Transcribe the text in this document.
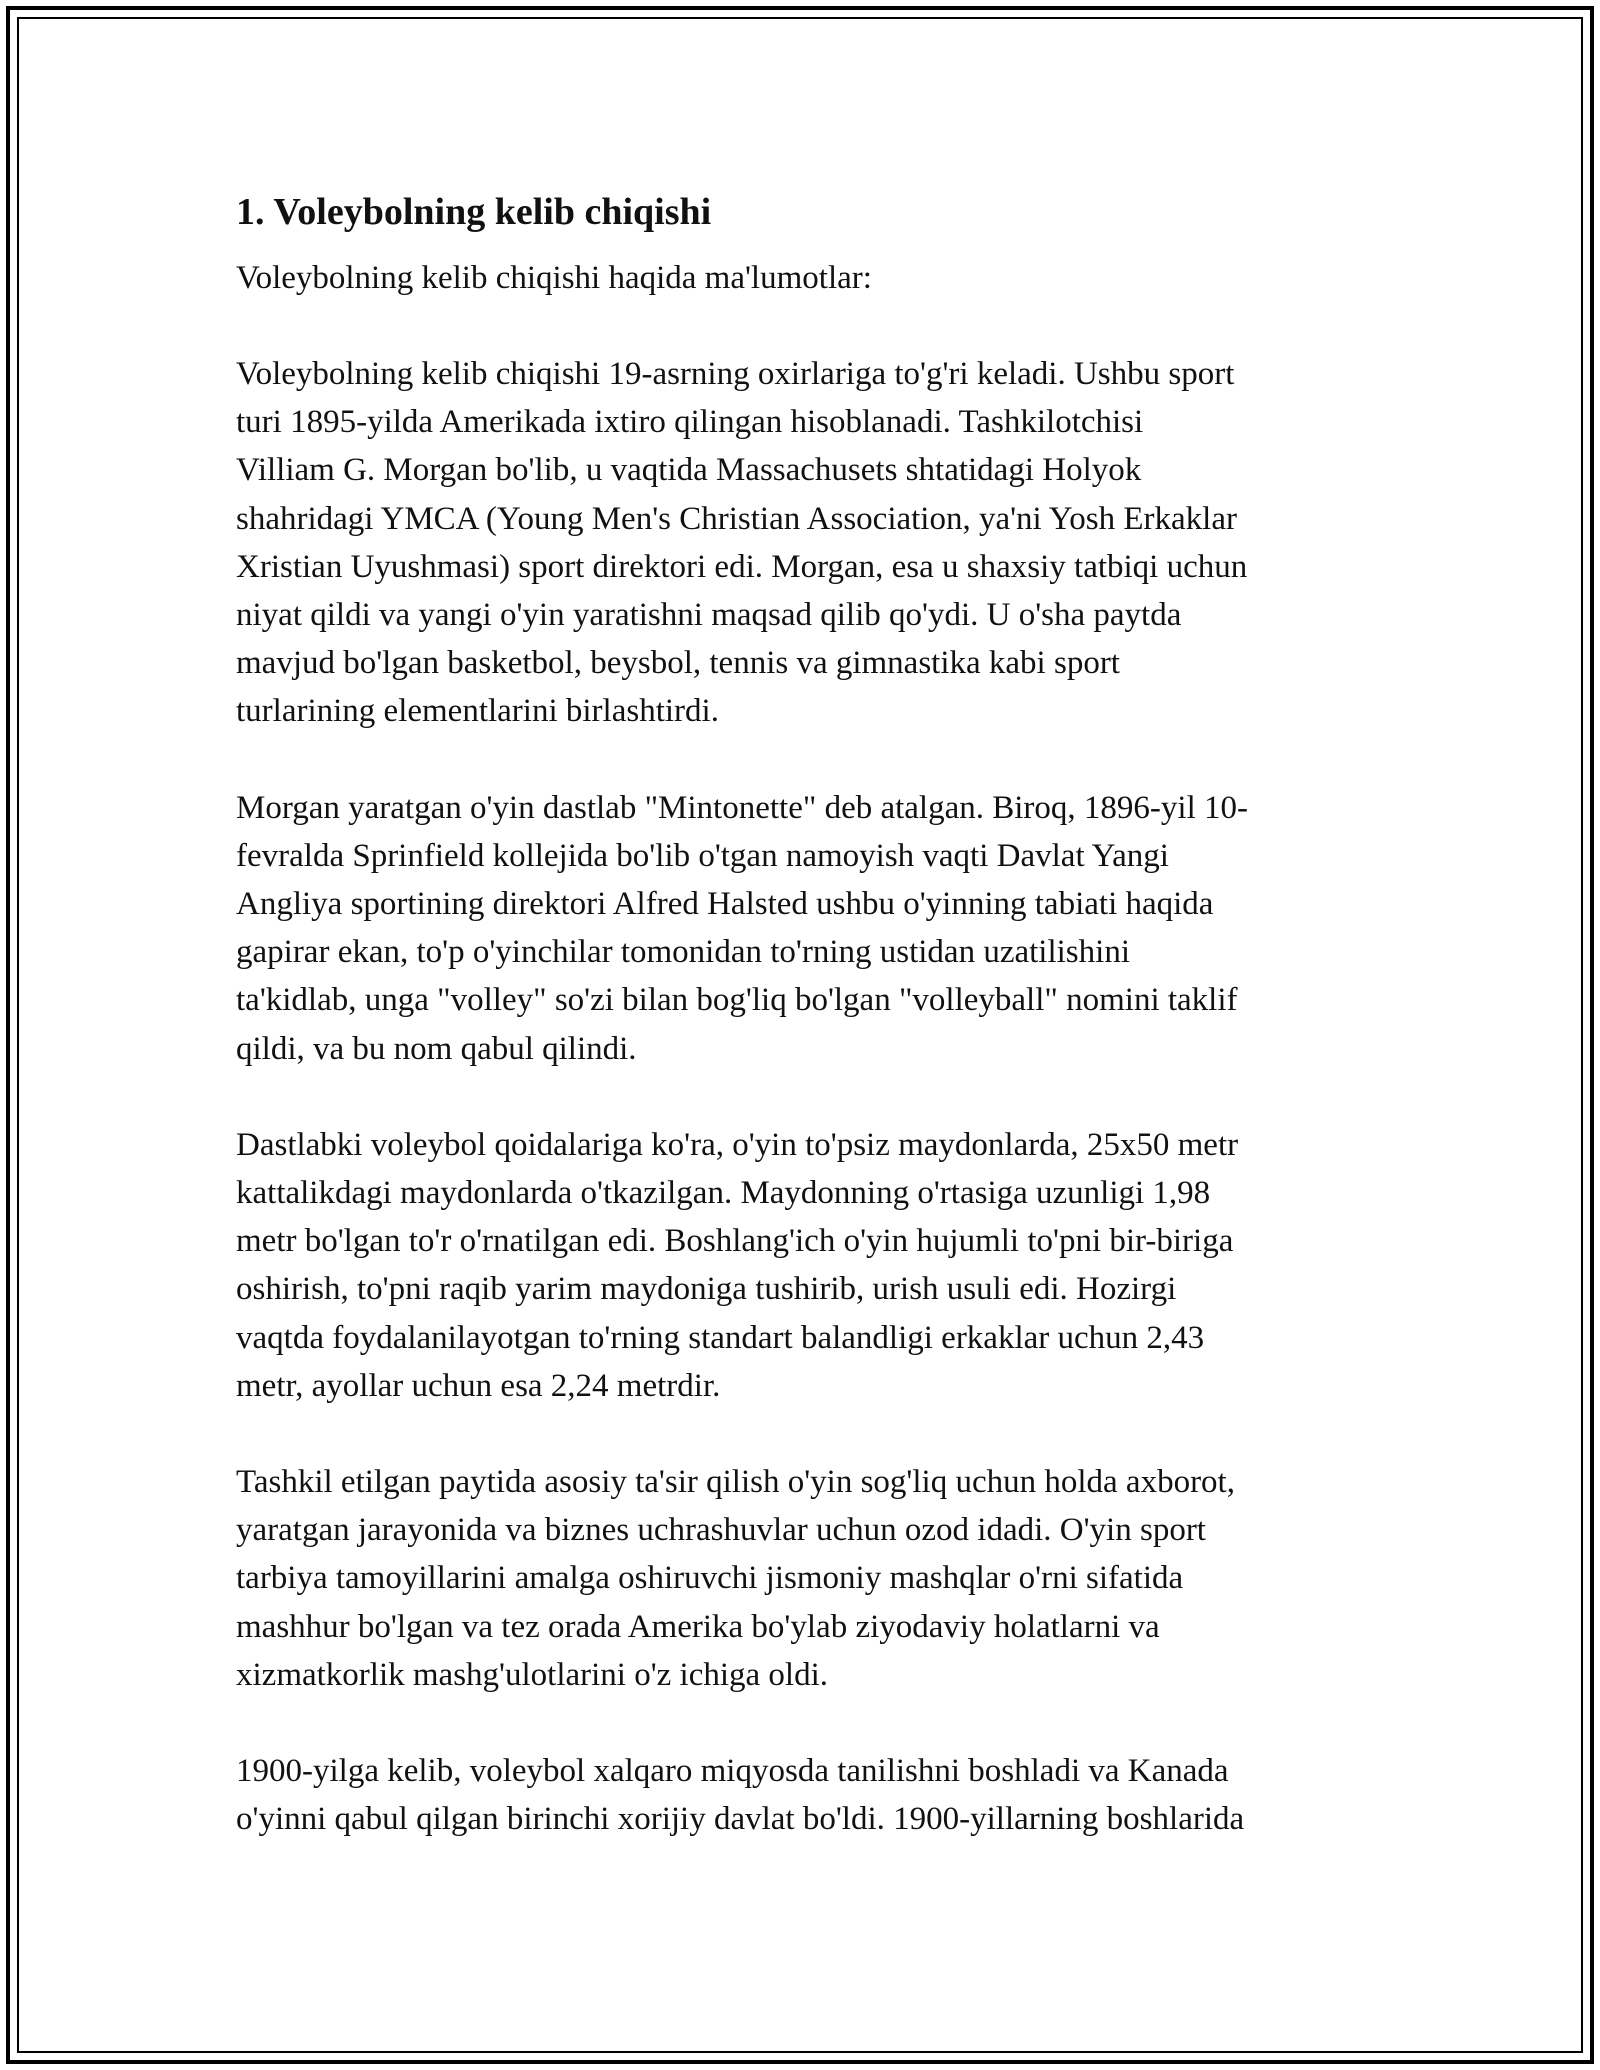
1. Voleybolning kelib chiqishi

Voleybolning kelib chiqishi haqida ma'lumotlar:

Voleybolning kelib chiqishi 19-asrning oxirlariga to'g'ri keladi. Ushbu sport
turi 1895-yilda Amerikada ixtiro qilingan hisoblanadi. Tashkilotchisi
Villiam G. Morgan bo'lib, u vaqtida Massachusets shtatidagi Holyok
shahridagi YMCA (Young Men's Christian Association, ya'ni Yosh Erkaklar
Xristian Uyushmasi) sport direktori edi. Morgan, esa u shaxsiy tatbiqi uchun
niyat qildi va yangi o'yin yaratishni maqsad qilib qo'ydi. U o'sha paytda
mavjud bo'lgan basketbol, beysbol, tennis va gimnastika kabi sport
turlarining elementlarini birlashtirdi.

Morgan yaratgan o'yin dastlab "Mintonette" deb atalgan. Biroq, 1896-yil 10-
fevralda Sprinfield kollejida bo'lib o'tgan namoyish vaqti Davlat Yangi
Angliya sportining direktori Alfred Halsted ushbu o'yinning tabiati haqida
gapirar ekan, to'p o'yinchilar tomonidan to'rning ustidan uzatilishini
ta'kidlab, unga "volley" so'zi bilan bog'liq bo'lgan "volleyball" nomini taklif
qildi, va bu nom qabul qilindi.

Dastlabki voleybol qoidalariga ko'ra, o'yin to'psiz maydonlarda, 25x50 metr
kattalikdagi maydonlarda o'tkazilgan. Maydonning o'rtasiga uzunligi 1,98
metr bo'lgan to'r o'rnatilgan edi. Boshlang'ich o'yin hujumli to'pni bir-biriga
oshirish, to'pni raqib yarim maydoniga tushirib, urish usuli edi. Hozirgi
vaqtda foydalanilayotgan to'rning standart balandligi erkaklar uchun 2,43
metr, ayollar uchun esa 2,24 metrdir.

Tashkil etilgan paytida asosiy ta'sir qilish o'yin sog'liq uchun holda axborot,
yaratgan jarayonida va biznes uchrashuvlar uchun ozod idadi. O'yin sport
tarbiya tamoyillarini amalga oshiruvchi jismoniy mashqlar o'rni sifatida
mashhur bo'lgan va tez orada Amerika bo'ylab ziyodaviy holatlarni va
xizmatkorlik mashg'ulotlarini o'z ichiga oldi.

1900-yilga kelib, voleybol xalqaro miqyosda tanilishni boshladi va Kanada
o'yinni qabul qilgan birinchi xorijiy davlat bo'ldi. 1900-yillarning boshlarida
